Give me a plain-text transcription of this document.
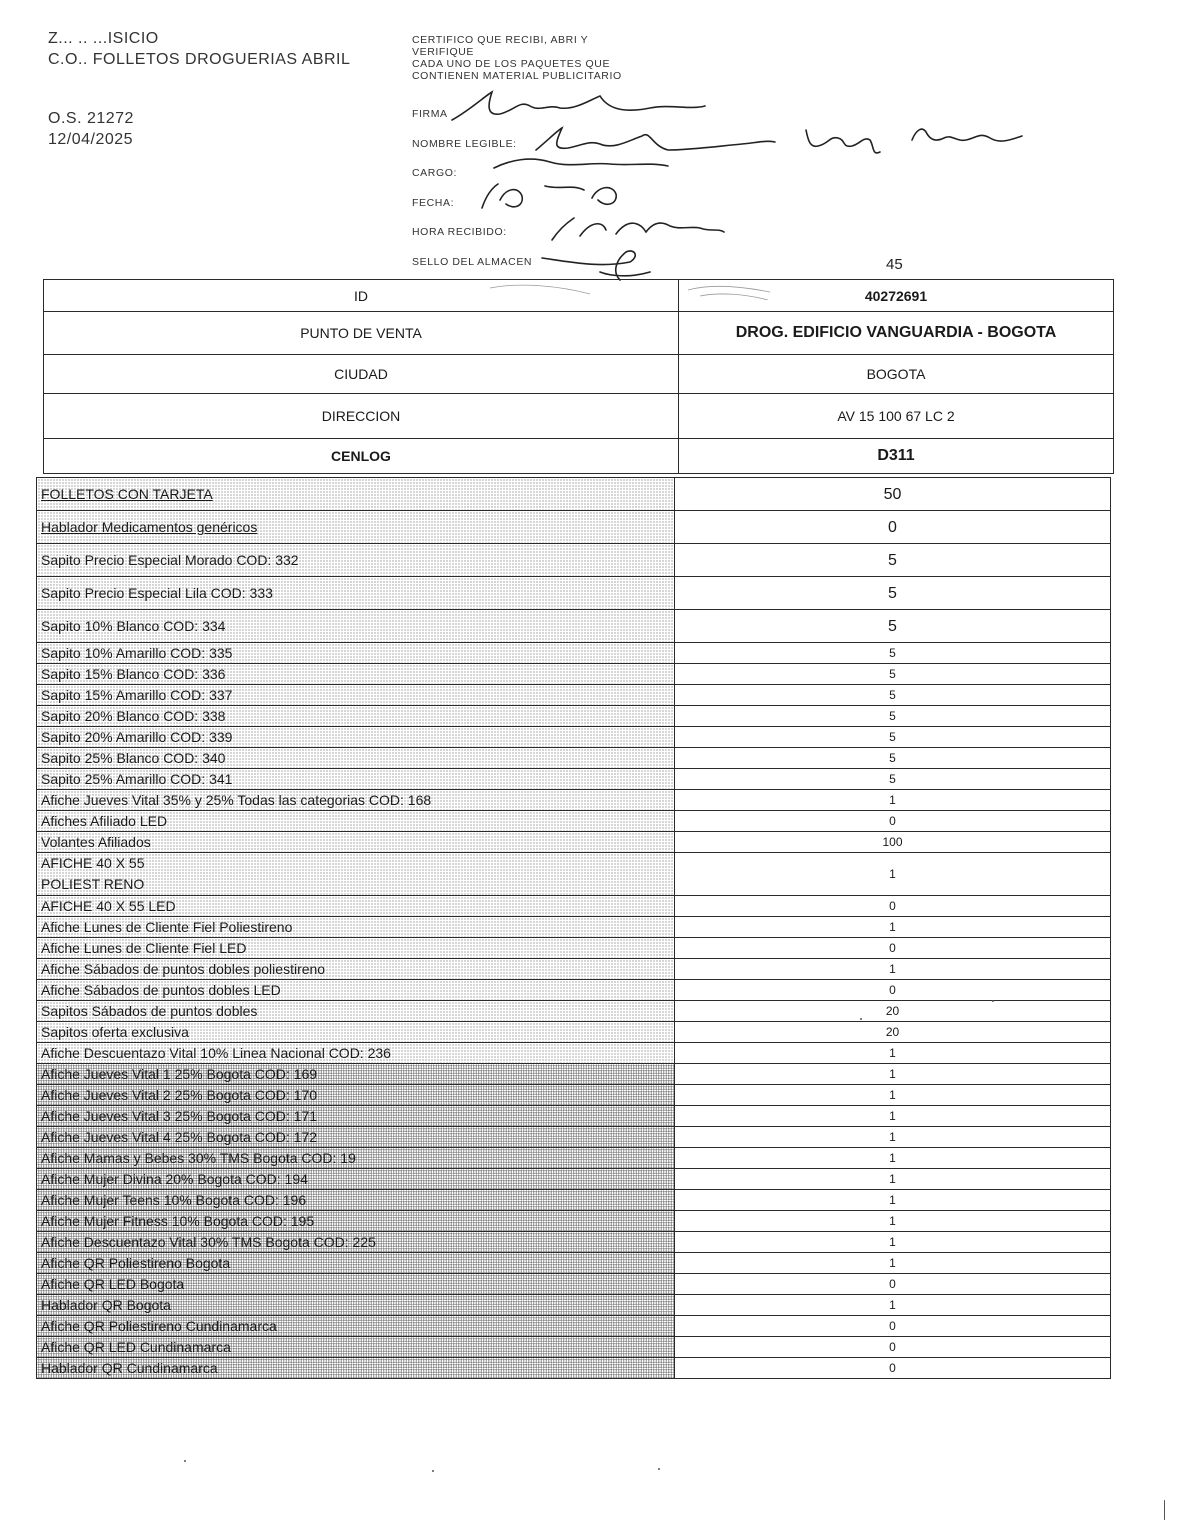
Z... .. ...ISICIO
C.O.. FOLLETOS DROGUERIAS ABRIL
O.S. 21272
12/04/2025
CERTIFICO QUE RECIBI, ABRI Y
VERIFIQUE
CADA UNO DE LOS PAQUETES QUE
CONTIENEN MATERIAL PUBLICITARIO
FIRMA
NOMBRE LEGIBLE:
CARGO:
FECHA:
HORA RECIBIDO:
SELLO DEL ALMACEN	45
ID	40272691
PUNTO DE VENTA	DROG. EDIFICIO VANGUARDIA - BOGOTA
CIUDAD	BOGOTA
DIRECCION	AV 15 100 67 LC 2
CENLOG	D311
FOLLETOS CON TARJETA	50
Hablador Medicamentos genéricos	0
Sapito Precio Especial Morado COD: 332	5
Sapito Precio Especial Lila COD: 333	5
Sapito 10% Blanco COD: 334	5
Sapito 10% Amarillo COD: 335	5
Sapito 15% Blanco COD: 336	5
Sapito 15% Amarillo COD: 337	5
Sapito 20% Blanco COD: 338	5
Sapito 20% Amarillo COD: 339	5
Sapito 25% Blanco COD: 340	5
Sapito 25% Amarillo COD: 341	5
Afiche Jueves Vital 35% y 25% Todas las categorias COD: 168	1
Afiches Afiliado LED	0
Volantes Afiliados	100
AFICHE 40 X 55
POLIEST RENO	1
AFICHE 40 X 55 LED	0
Afiche Lunes de Cliente Fiel Poliestireno	1
Afiche Lunes de Cliente Fiel LED	0
Afiche Sábados de puntos dobles poliestireno	1
Afiche Sábados de puntos dobles LED	0
Sapitos Sábados de puntos dobles	20
Sapitos oferta exclusiva	20
Afiche Descuentazo Vital 10% Linea Nacional COD: 236	1
Afiche Jueves Vital 1 25% Bogota COD: 169	1
Afiche Jueves Vital 2 25% Bogota COD: 170	1
Afiche Jueves Vital 3 25% Bogota COD: 171	1
Afiche Jueves Vital 4 25% Bogota COD: 172	1
Afiche Mamas y Bebes 30% TMS Bogota COD: 19	1
Afiche Mujer Divina 20% Bogota COD: 194	1
Afiche Mujer Teens 10% Bogota COD: 196	1
Afiche Mujer Fitness 10% Bogota COD: 195	1
Afiche Descuentazo Vital 30% TMS Bogota COD: 225	1
Afiche QR Poliestireno Bogota	1
Afiche QR LED Bogota	0
Hablador QR Bogota	1
Afiche QR Poliestireno Cundinamarca	0
Afiche QR LED Cundinamarca	0
Hablador QR Cundinamarca	0
